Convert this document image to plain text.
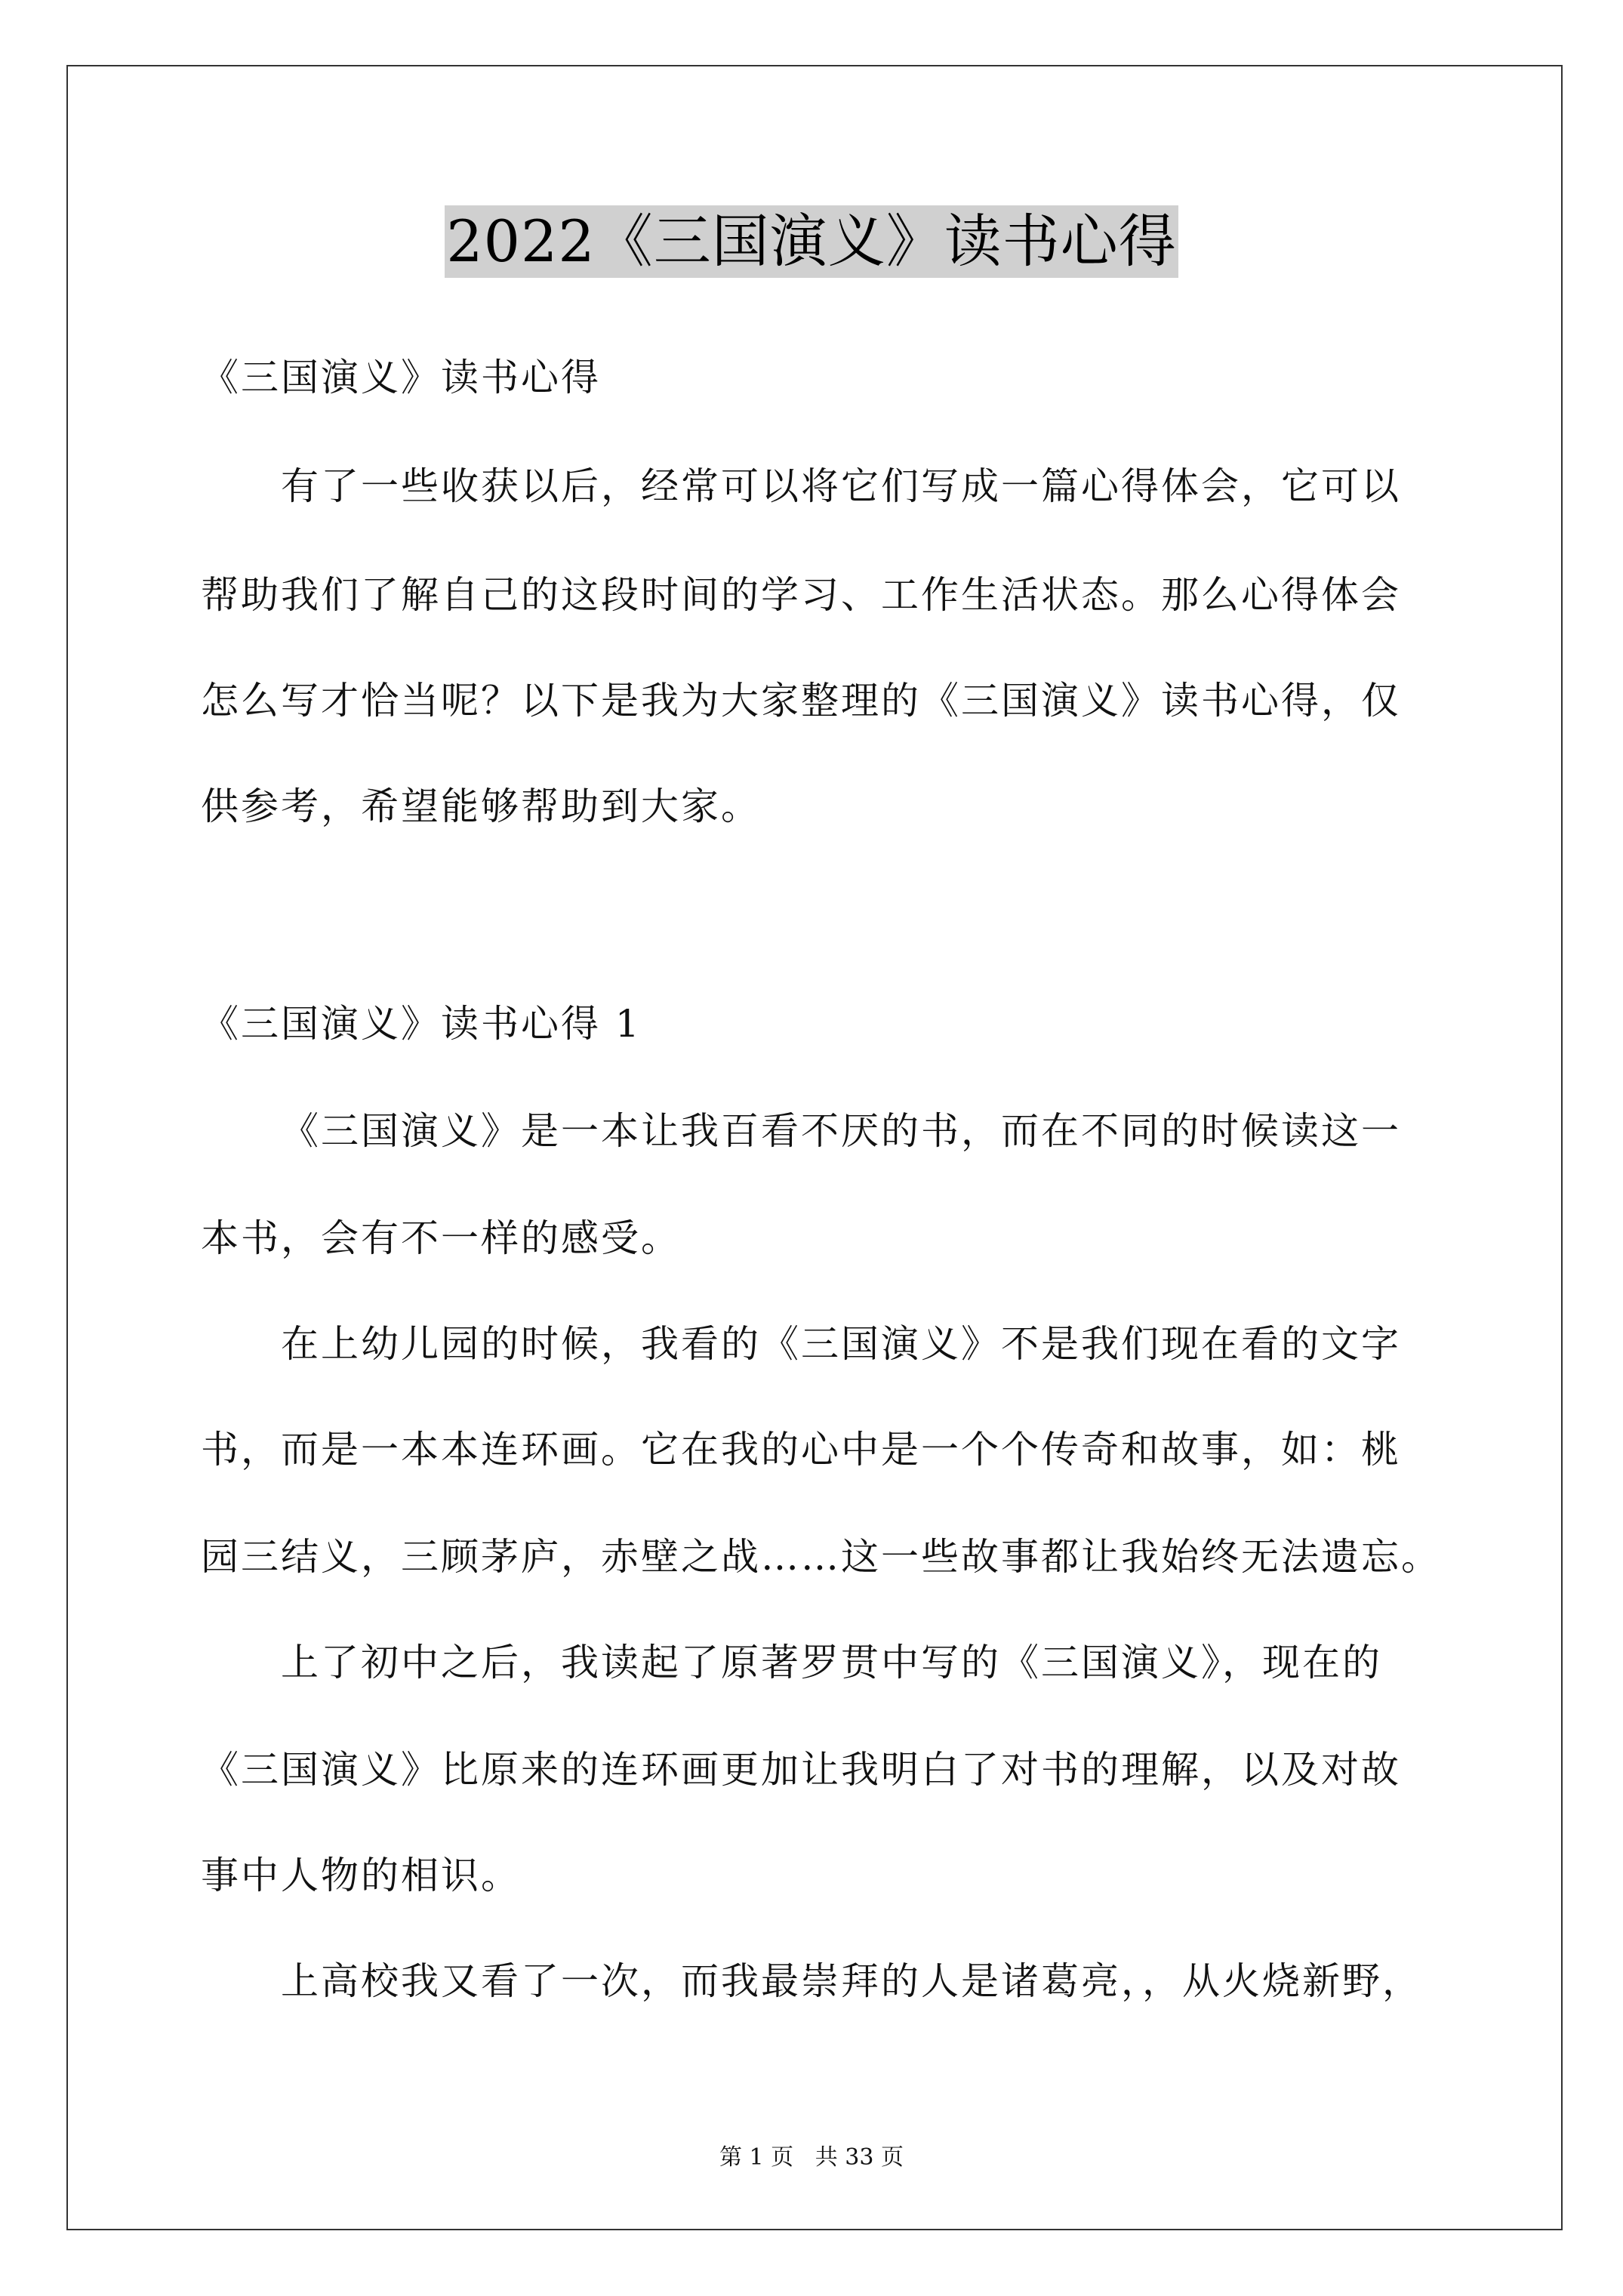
2022《三国演义》读书心得
《三国演义》读书心得
有了一些收获以后，经常可以将它们写成一篇心得体会，它可以
帮助我们了解自己的这段时间的学习、工作生活状态。那么心得体会
怎么写才恰当呢？以下是我为大家整理的《三国演义》读书心得，仅
供参考，希望能够帮助到大家。
《三国演义》读书心得 1
《三国演义》是一本让我百看不厌的书，而在不同的时候读这一
本书，会有不一样的感受。
在上幼儿园的时候，我看的《三国演义》不是我们现在看的文字
书，而是一本本连环画。它在我的心中是一个个传奇和故事，如：桃
园三结义，三顾茅庐，赤壁之战……这一些故事都让我始终无法遗忘。
上了初中之后，我读起了原著罗贯中写的《三国演义》，现在的
《三国演义》比原来的连环画更加让我明白了对书的理解，以及对故
事中人物的相识。
上高校我又看了一次，而我最崇拜的人是诸葛亮，，从火烧新野，
第 1 页   共 33 页
